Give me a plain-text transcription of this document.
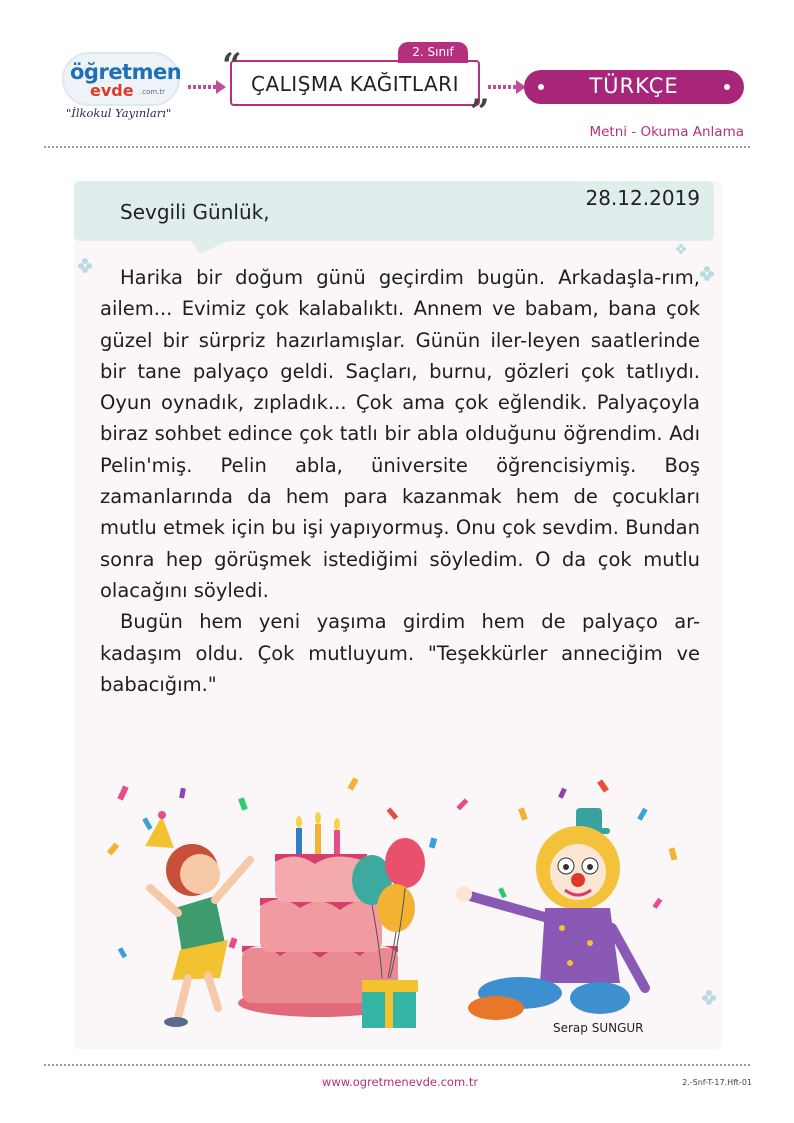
öğretmen
evde .com.tr
"İlkokul Yayınları"
2. Sınıf
“ ÇALIŞMA KAĞITLARI
”
TÜRKÇE
Metni - Okuma Anlama
Sevgili Günlük,
28.12.2019

Harika bir doğum günü geçirdim bugün. Arkadaşla-rım, ailem... Evimiz çok kalabalıktı. Annem ve babam, bana çok güzel bir sürpriz hazırlamışlar. Günün iler-leyen saatlerinde bir tane palyaço geldi. Saçları, burnu, gözleri çok tatlıydı. Oyun oynadık, zıpladık... Çok ama çok eğlendik. Palyaçoyla biraz sohbet edince çok tatlı bir abla olduğunu öğrendim. Adı Pelin'miş. Pelin abla, üniversite öğrencisiymiş. Boş zamanlarında da hem para kazanmak hem de çocukları mutlu etmek için bu işi yapıyormuş. Onu çok sevdim. Bundan sonra hep görüşmek istediğimi söyledim. O da çok mutlu olacağını söyledi.

Bugün hem yeni yaşıma girdim hem de palyaço ar-kadaşım oldu. Çok mutluyum. "Teşekkürler anneciğim ve babacığım."

Serap SUNGUR
www.ogretmenevde.com.tr	2.-Snf-T-17.Hft-01
